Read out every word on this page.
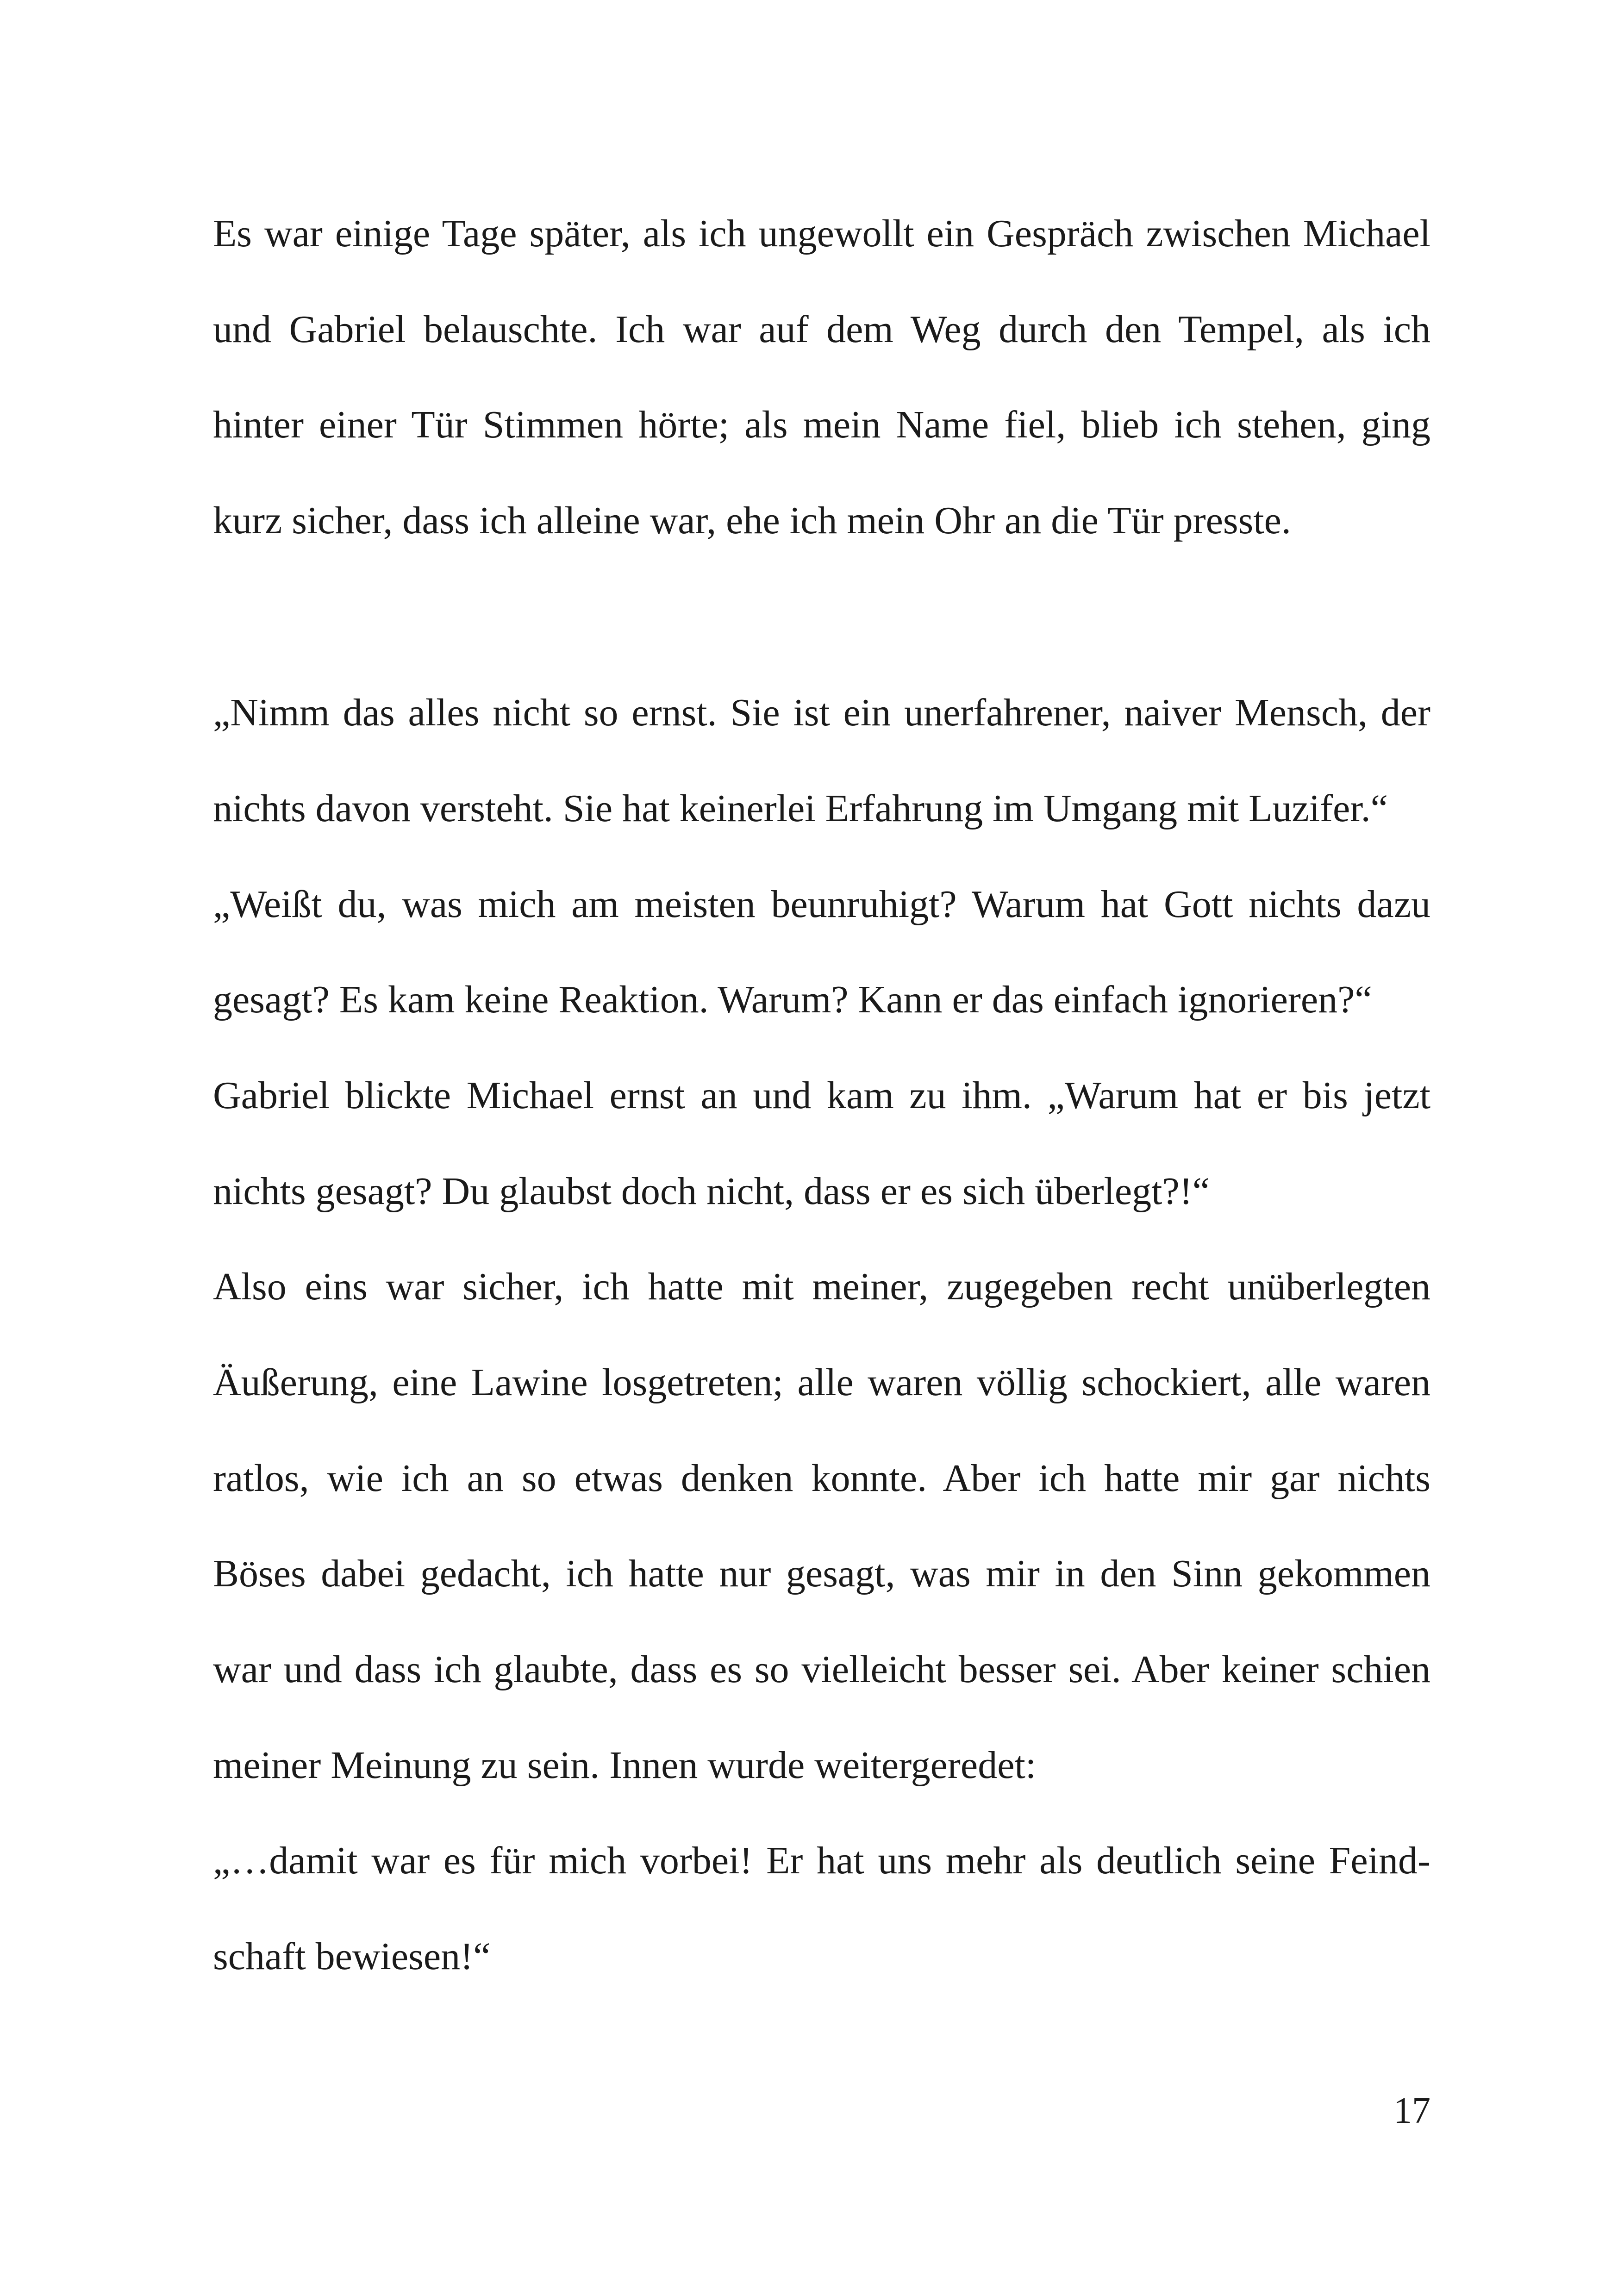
Es war einige Tage später, als ich ungewollt ein Gespräch zwischen Michael
und Gabriel belauschte. Ich war auf dem Weg durch den Tempel, als ich
hinter einer Tür Stimmen hörte; als mein Name fiel, blieb ich stehen, ging
kurz sicher, dass ich alleine war, ehe ich mein Ohr an die Tür presste.
„Nimm das alles nicht so ernst. Sie ist ein unerfahrener, naiver Mensch, der
nichts davon versteht. Sie hat keinerlei Erfahrung im Umgang mit Luzifer.“
„Weißt du, was mich am meisten beunruhigt? Warum hat Gott nichts dazu
gesagt? Es kam keine Reaktion. Warum? Kann er das einfach ignorieren?“
Gabriel blickte Michael ernst an und kam zu ihm. „Warum hat er bis jetzt
nichts gesagt? Du glaubst doch nicht, dass er es sich überlegt?!“
Also eins war sicher, ich hatte mit meiner, zugegeben recht unüberlegten
Äußerung, eine Lawine losgetreten; alle waren völlig schockiert, alle waren
ratlos, wie ich an so etwas denken konnte. Aber ich hatte mir gar nichts
Böses dabei gedacht, ich hatte nur gesagt, was mir in den Sinn gekommen
war und dass ich glaubte, dass es so vielleicht besser sei. Aber keiner schien
meiner Meinung zu sein. Innen wurde weitergeredet:
„…damit war es für mich vorbei! Er hat uns mehr als deutlich seine Feind-
schaft bewiesen!“
17
